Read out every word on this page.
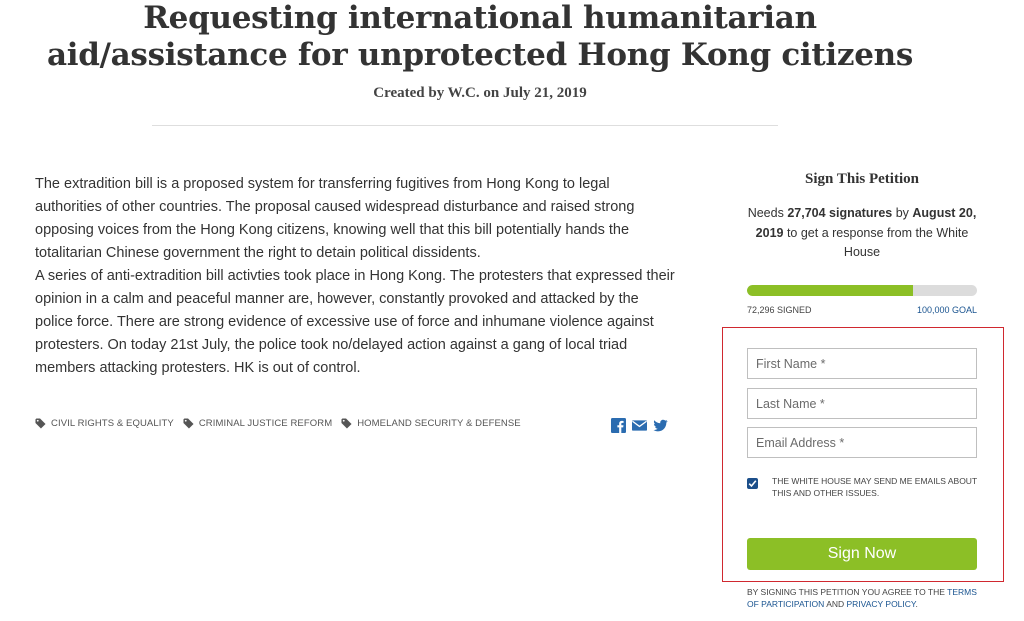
Requesting international humanitarian aid/assistance for unprotected Hong Kong citizens
Created by W.C. on July 21, 2019

The extradition bill is a proposed system for transferring fugitives from Hong Kong to legal authorities of other countries. The proposal caused widespread disturbance and raised strong opposing voices from the Hong Kong citizens, knowing well that this bill potentially hands the totalitarian Chinese government the right to detain political dissidents.

A series of anti-extradition bill activties took place in Hong Kong. The protesters that expressed their opinion in a calm and peaceful manner are, however, constantly provoked and attacked by the police force. There are strong evidence of excessive use of force and inhumane violence against protesters. On today 21st July, the police took no/delayed action against a gang of local triad members attacking protesters. HK is out of control.

CIVIL RIGHTS & EQUALITY	CRIMINAL JUSTICE REFORM	HOMELAND SECURITY & DEFENSE
Sign This Petition
Needs 27,704 signatures by August 20, 2019 to get a response from the White House
72,296 SIGNED	100,000 GOAL
First Name *
Last Name *
Email Address *
THE WHITE HOUSE MAY SEND ME EMAILS ABOUT THIS AND OTHER ISSUES.
Sign Now
BY SIGNING THIS PETITION YOU AGREE TO THE TERMS OF PARTICIPATION AND PRIVACY POLICY.
